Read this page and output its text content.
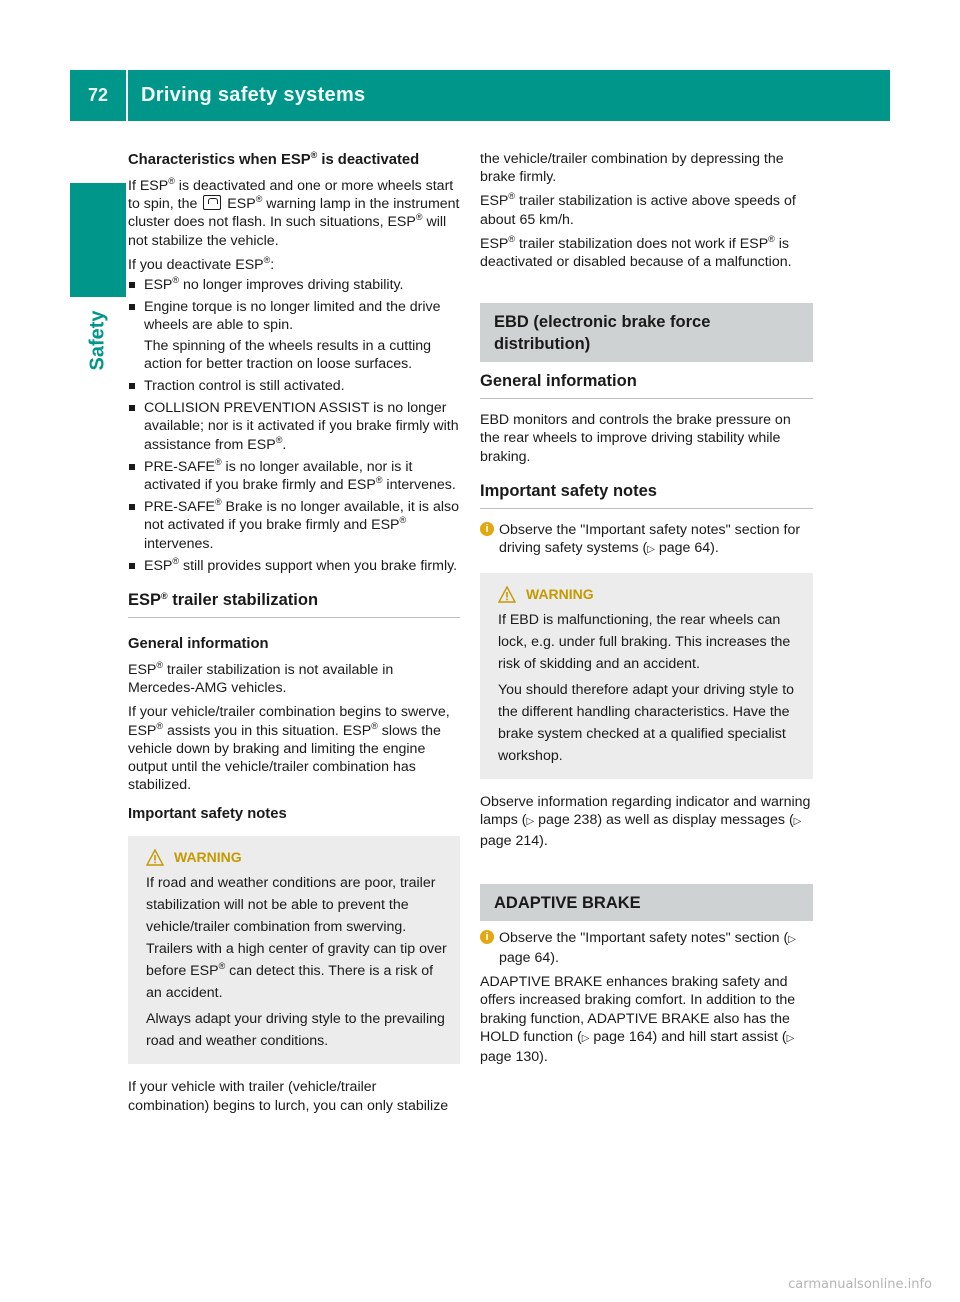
72	Driving safety systems
Safety
Characteristics when ESP® is deactivated

If ESP® is deactivated and one or more wheels start to spin, the  ESP® warning lamp in the instrument cluster does not flash. In such situations, ESP® will not stabilize the vehicle.

If you deactivate ESP®:

ESP® no longer improves driving stability.
Engine torque is no longer limited and the drive wheels are able to spin.
The spinning of the wheels results in a cutting action for better traction on loose surfaces.
Traction control is still activated.
COLLISION PREVENTION ASSIST is no longer available; nor is it activated if you brake firmly with assistance from ESP®.
PRE-SAFE® is no longer available, nor is it activated if you brake firmly and ESP® intervenes.
PRE-SAFE® Brake is no longer available, it is also not activated if you brake firmly and ESP® intervenes.
ESP® still provides support when you brake firmly.
ESP® trailer stabilization
General information

ESP® trailer stabilization is not available in Mercedes-AMG vehicles.

If your vehicle/trailer combination begins to swerve, ESP® assists you in this situation. ESP® slows the vehicle down by braking and limiting the engine output until the vehicle/trailer combination has stabilized.

Important safety notes
WARNING

If road and weather conditions are poor, trailer stabilization will not be able to prevent the vehicle/trailer combination from swerving. Trailers with a high center of gravity can tip over before ESP® can detect this. There is a risk of an accident.

Always adapt your driving style to the prevailing road and weather conditions.

If your vehicle with trailer (vehicle/trailer combination) begins to lurch, you can only stabilize

the vehicle/trailer combination by depressing the brake firmly.

ESP® trailer stabilization is active above speeds of about 65 km/h.

ESP® trailer stabilization does not work if ESP® is deactivated or disabled because of a malfunction.

EBD (electronic brake force distribution)
General information

EBD monitors and controls the brake pressure on the rear wheels to improve driving stability while braking.

Important safety notes
i Observe the "Important safety notes" section for driving safety systems (▷ page 64).
WARNING

If EBD is malfunctioning, the rear wheels can lock, e.g. under full braking. This increases the risk of skidding and an accident.

You should therefore adapt your driving style to the different handling characteristics. Have the brake system checked at a qualified specialist workshop.

Observe information regarding indicator and warning lamps (▷ page 238) as well as display messages (▷ page 214).

ADAPTIVE BRAKE
i Observe the "Important safety notes" section (▷ page 64).

ADAPTIVE BRAKE enhances braking safety and offers increased braking comfort. In addition to the braking function, ADAPTIVE BRAKE also has the HOLD function (▷ page 164) and hill start assist (▷ page 130).

carmanualsonline.info
